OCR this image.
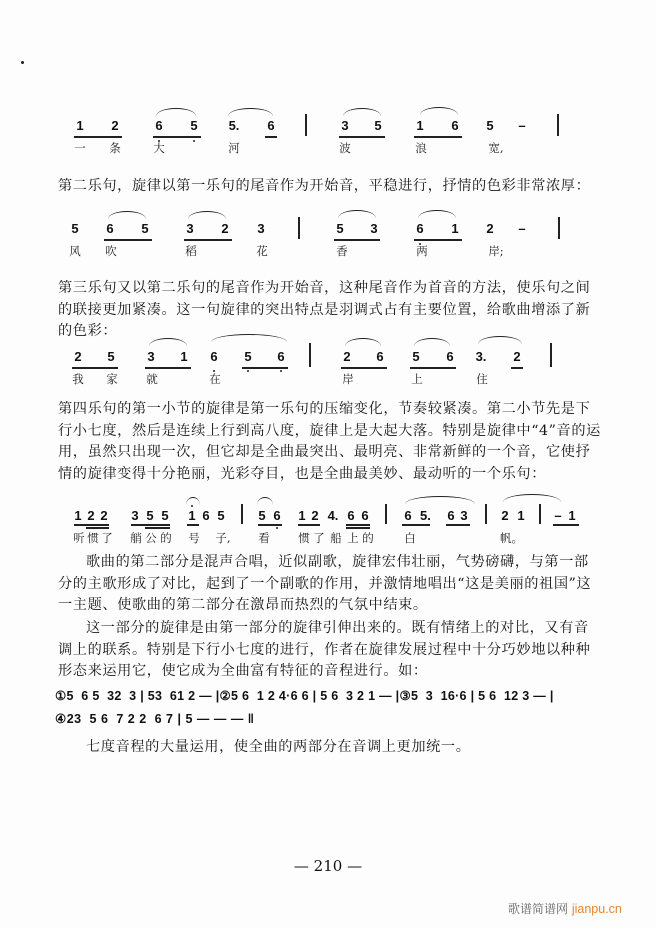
1 2	6 5 5. 6	3 5	1 6 5 –
一 条	大	河	波	浪	宽,
第二乐句，旋律以第一乐句的尾音作为开始音，平稳进行，抒情的色彩非常浓厚：
5 6 5	3 2 3	5 3	6 1 2 –
风 吹	稻	花	香	两	岸;
第三乐句又以第二乐句的尾音作为开始音，这种尾音作为首音的方法，使乐句之间的联接更加紧凑。这一句旋律的突出特点是羽调式占有主要位置，给歌曲增添了新的色彩：
2 5	3 1 6 5 6	2 6 5 6 3. 2
我 家 就	在	岸	上	住
第四乐句的第一小节的旋律是第一乐句的压缩变化，节奏较紧凑。第二小节先是下行小七度，然后是连续上行到高八度，旋律上是大起大落。特别是旋律中“4”音的运用，虽然只出现一次，但它却是全曲最突出、最明亮、非常新鲜的一个音，它使抒情的旋律变得十分艳丽，光彩夺目，也是全曲最美妙、最动听的一个乐句：
1 2 2 3 5 5 1 6 5	5 6 1 2 4. 6 6	6 5. 6 3	2 1 – 1
听 惯 了 艄 公 的 号 子, 看 惯 了 船 上 的	白	帆。
歌曲的第二部分是混声合唱，近似副歌，旋律宏伟壮丽，气势磅礴，与第一部分的主歌形成了对比，起到了一个副歌的作用，并激情地唱出“这是美丽的祖国”这一主题、使歌曲的第二部分在激昂而热烈的气氛中结束。
这一部分的旋律是由第一部分的旋律引伸出来的。既有情绪上的对比，又有音调上的联系。特别是下行小七度的进行，作者在旋律发展过程中十分巧妙地以种种形态来运用它，使它成为全曲富有特征的音程进行。如：
①5  6 5  32  3 | 53  61 2 — |②5 6  1 2 4·6 6 | 5 6  3 2 1 — |③5  3  16·6 | 5 6  12 3 — |
④23  5 6  7 2 2  6 7 | 5 — — — ‖
七度音程的大量运用，使全曲的两部分在音调上更加统一。
— 210 —
歌谱简谱网 jianpu.cn
